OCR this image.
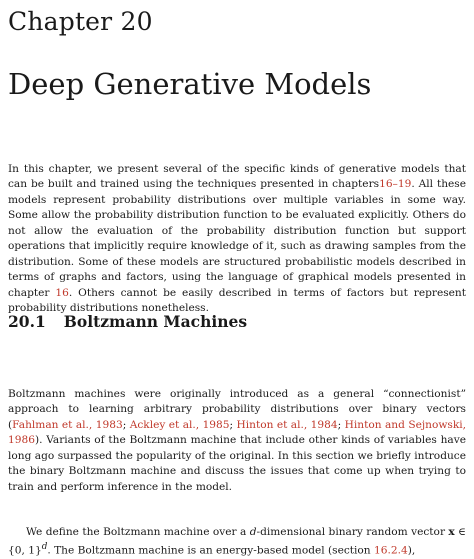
Chapter 20
Deep Generative Models

In this chapter, we present several of the specific kinds of generative models that can be built and trained using the techniques presented in chapters16–19. All these models represent probability distributions over multiple variables in some way. Some allow the probability distribution function to be evaluated explicitly. Others do not allow the evaluation of the probability distribution function but support operations that implicitly require knowledge of it, such as drawing samples from the distribution. Some of these models are structured probabilistic models described in terms of graphs and factors, using the language of graphical models presented in chapter 16. Others cannot be easily described in terms of factors but represent probability distributions nonetheless.

20.1 Boltzmann Machines

Boltzmann machines were originally introduced as a general “connectionist” approach to learning arbitrary probability distributions over binary vectors (Fahlman et al., 1983; Ackley et al., 1985; Hinton et al., 1984; Hinton and Sejnowski, 1986). Variants of the Boltzmann machine that include other kinds of variables have long ago surpassed the popularity of the original. In this section we briefly introduce the binary Boltzmann machine and discuss the issues that come up when trying to train and perform inference in the model.

We define the Boltzmann machine over a d-dimensional binary random vector x ∈ {0, 1}$^d$. The Boltzmann machine is an energy-based model (section 16.2.4),
